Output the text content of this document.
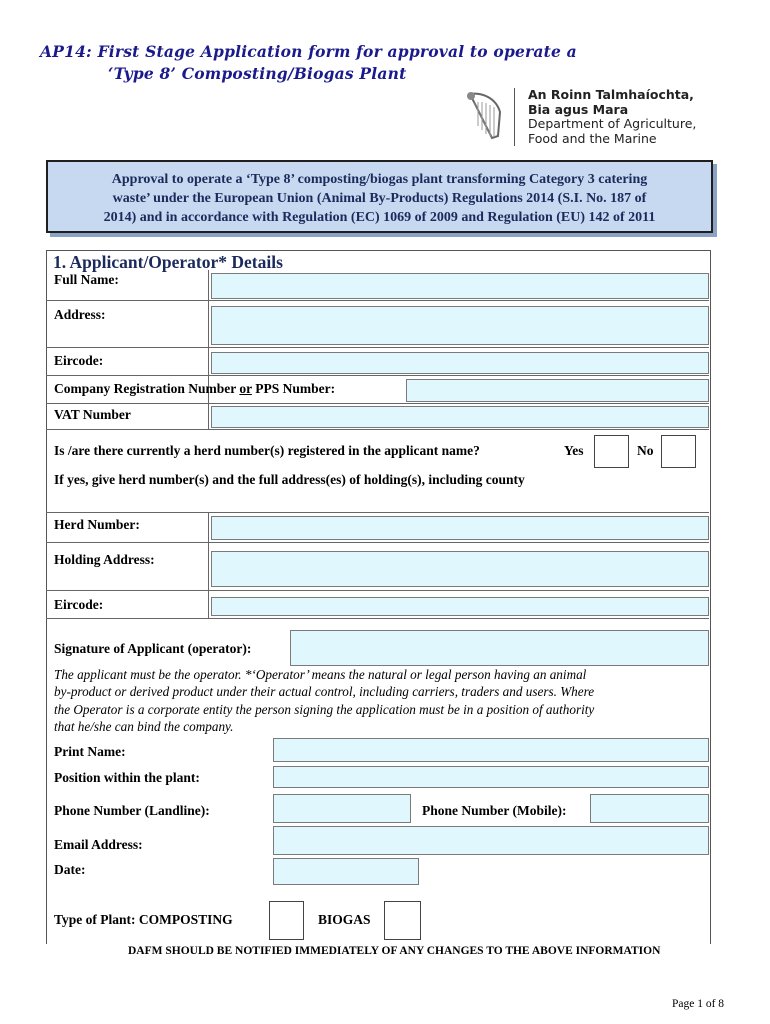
AP14: First Stage Application form for approval to operate a
‘Type 8’ Composting/Biogas Plant
An Roinn Talmhaíochta,
Bia agus Mara
Department of Agriculture,
Food and the Marine

Approval to operate a ‘Type 8’ composting/biogas plant transforming Category 3 catering
waste’ under the European Union (Animal By-Products) Regulations 2014 (S.I. No. 187 of
2014) and in accordance with Regulation (EC) 1069 of 2009 and Regulation (EU) 142 of 2011

1. Applicant/Operator* Details
Full Name:
Address:
Eircode:
Company Registration Number or PPS Number:
VAT Number
Is /are there currently a herd number(s) registered in the applicant name?	Yes	No
If yes, give herd number(s) and the full address(es) of holding(s), including county
Herd Number:
Holding Address:
Eircode:
Signature of Applicant (operator):

The applicant must be the operator. *‘Operator’ means the natural or legal person having an animal

by-product or derived product under their actual control, including carriers, traders and users. Where

the Operator is a corporate entity the person signing the application must be in a position of authority

that he/she can bind the company.

Print Name:
Position within the plant:
Phone Number (Landline):	Phone Number (Mobile):
Email Address:
Date:
Type of Plant: COMPOSTING	BIOGAS
DAFM SHOULD BE NOTIFIED IMMEDIATELY OF ANY CHANGES TO THE ABOVE INFORMATION
Page 1 of 8
